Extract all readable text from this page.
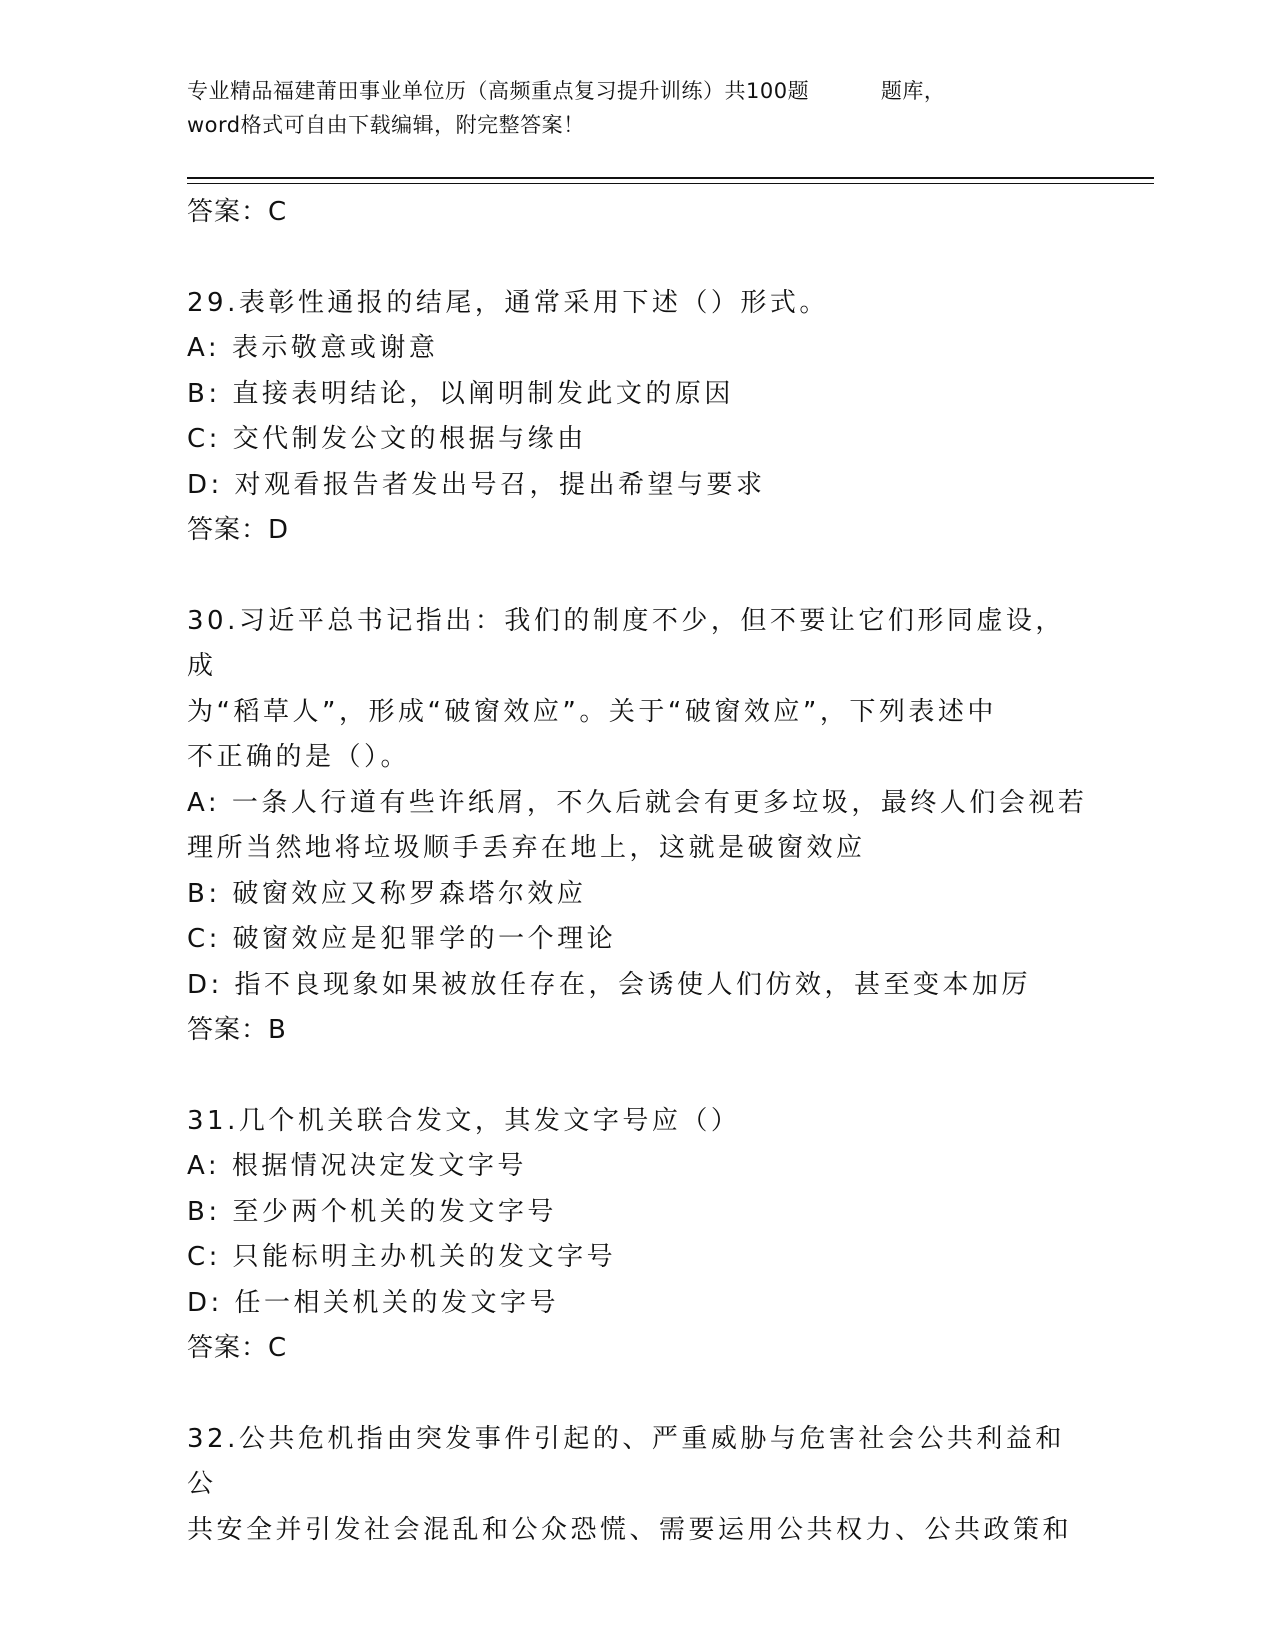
专业精品福建莆田事业单位历（高频重点复习提升训练）共100题          题库，
word格式可自由下载编辑，附完整答案！
答案：C
29.表彰性通报的结尾，通常采用下述（）形式。
A: 表示敬意或谢意
B: 直接表明结论，以阐明制发此文的原因
C: 交代制发公文的根据与缘由
D: 对观看报告者发出号召，提出希望与要求
答案：D
30.习近平总书记指出：我们的制度不少，但不要让它们形同虚设，成
为“稻草人”，形成“破窗效应”。关于“破窗效应”，下列表述中
不正确的是（）。
A: 一条人行道有些许纸屑，不久后就会有更多垃圾，最终人们会视若
理所当然地将垃圾顺手丢弃在地上，这就是破窗效应
B: 破窗效应又称罗森塔尔效应
C: 破窗效应是犯罪学的一个理论
D: 指不良现象如果被放任存在，会诱使人们仿效，甚至变本加厉
答案：B
31.几个机关联合发文，其发文字号应（）
A: 根据情况决定发文字号
B: 至少两个机关的发文字号
C: 只能标明主办机关的发文字号
D: 任一相关机关的发文字号
答案：C
32.公共危机指由突发事件引起的、严重威胁与危害社会公共利益和公
共安全并引发社会混乱和公众恐慌、需要运用公共权力、公共政策和
